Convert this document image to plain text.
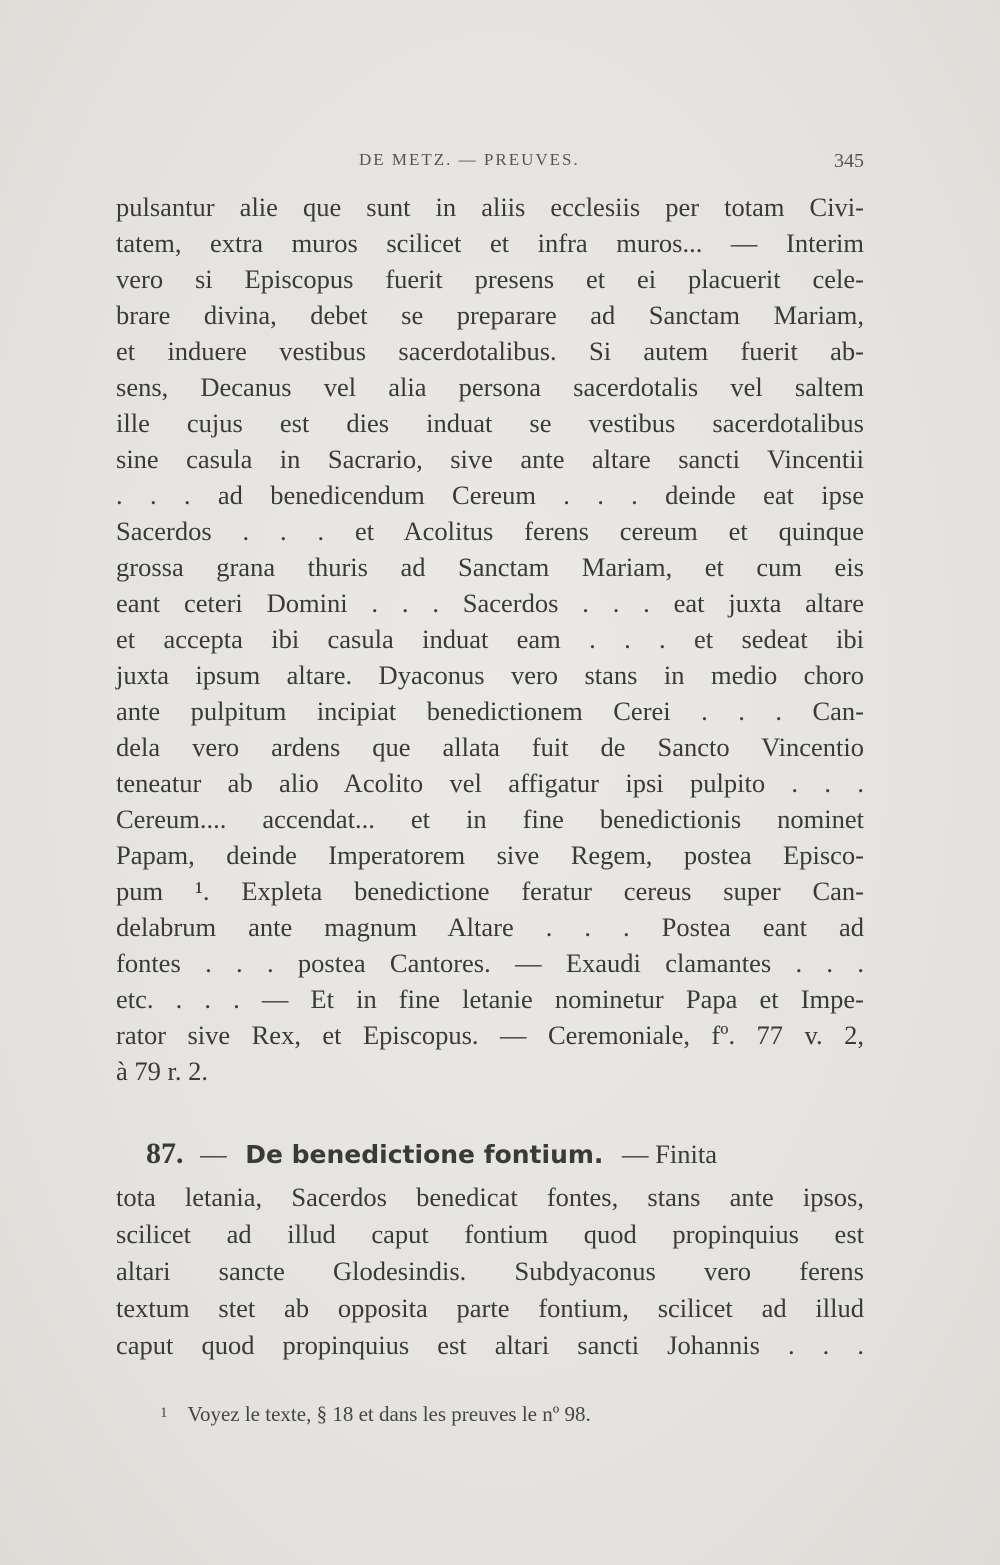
DE METZ. — PREUVES.	345
pulsantur alie que sunt in aliis ecclesiis per totam Civi-
tatem, extra muros scilicet et infra muros... — Interim
vero si Episcopus fuerit presens et ei placuerit cele-
brare divina, debet se preparare ad Sanctam Mariam,
et induere vestibus sacerdotalibus. Si autem fuerit ab-
sens, Decanus vel alia persona sacerdotalis vel saltem
ille cujus est dies induat se vestibus sacerdotalibus
sine casula in Sacrario, sive ante altare sancti Vincentii
. . . ad benedicendum Cereum . . . deinde eat ipse
Sacerdos . . . et Acolitus ferens cereum et quinque
grossa grana thuris ad Sanctam Mariam, et cum eis
eant ceteri Domini . . . Sacerdos . . . eat juxta altare
et accepta ibi casula induat eam . . . et sedeat ibi
juxta ipsum altare. Dyaconus vero stans in medio choro
ante pulpitum incipiat benedictionem Cerei . . . Can-
dela vero ardens que allata fuit de Sancto Vincentio
teneatur ab alio Acolito vel affigatur ipsi pulpito . . .
Cereum.... accendat... et in fine benedictionis nominet
Papam, deinde Imperatorem sive Regem, postea Episco-
pum ¹. Expleta benedictione feratur cereus super Can-
delabrum ante magnum Altare . . . Postea eant ad
fontes . . . postea Cantores. — Exaudi clamantes . . .
etc. . . . — Et in fine letanie nominetur Papa et Impe-
rator sive Rex, et Episcopus. — Ceremoniale, fº. 77 v. 2,
à 79 r. 2.
87. — De benedictione fontium. — Finita
tota letania, Sacerdos benedicat fontes, stans ante ipsos,
scilicet ad illud caput fontium quod propinquius est
altari sancte Glodesindis. Subdyaconus vero ferens
textum stet ab opposita parte fontium, scilicet ad illud
caput quod propinquius est altari sancti Johannis . . .
1 Voyez le texte, § 18 et dans les preuves le nº 98.
